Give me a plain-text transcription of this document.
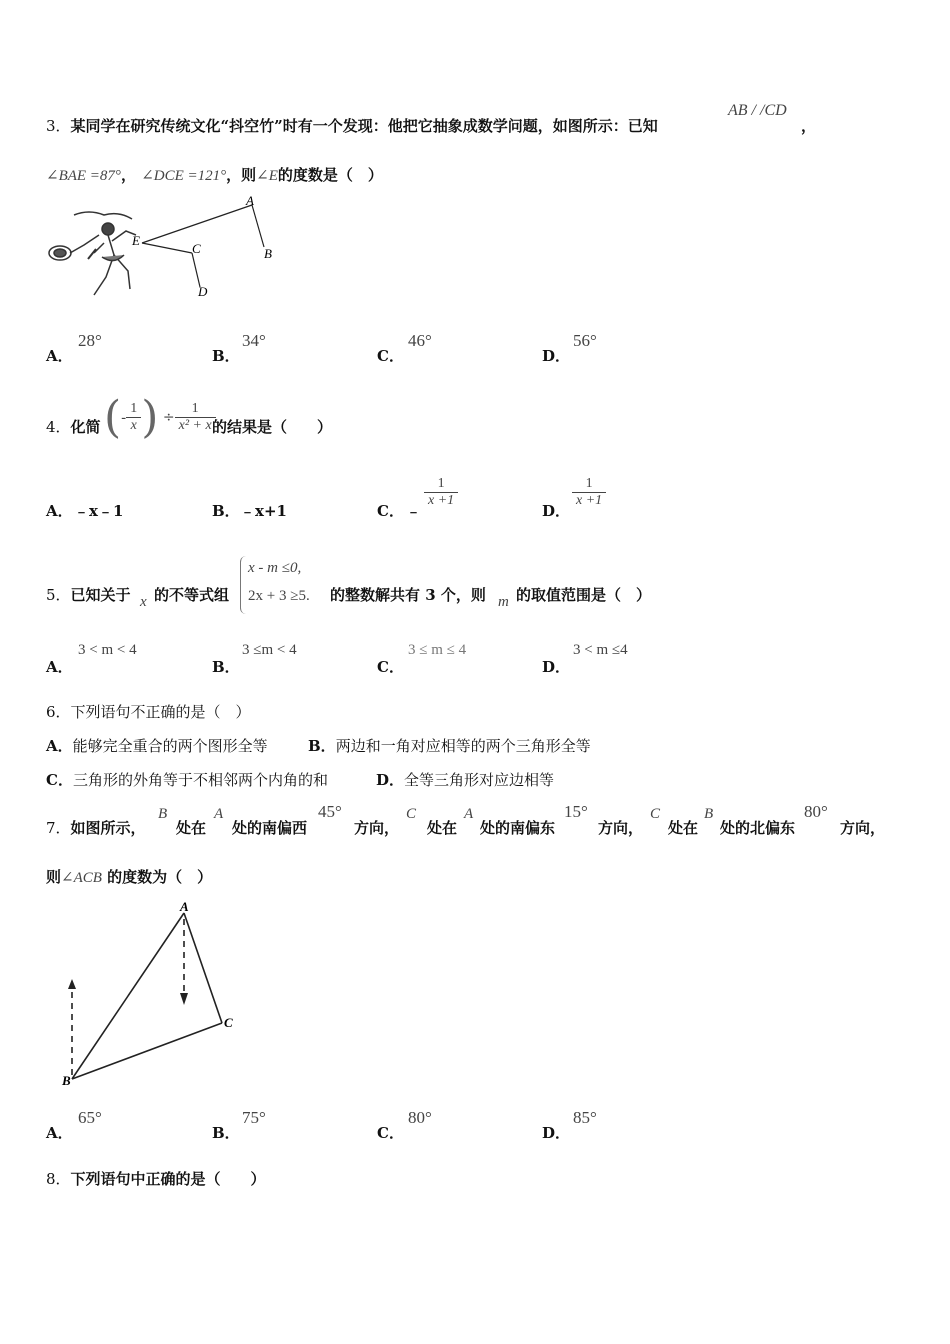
3．某同学在研究传统文化“抖空竹”时有一个发现：他把它抽象成数学问题，如图所示：已知
AB / /CD
，
∠BAE =87°， ∠DCE =121°，则∠E的度数是（　）
A
B
C
D
E
A．
28°
B．
34°
C．
46°
D．
56°
4．化简 (- $\frac{1}{x}$ ) ÷ $\frac{1}{\text{x² + x}}$
的结果是（　　）
A． ﹣x﹣1	B． ﹣x+1	C． ﹣
$\frac{1}{x +1}$
D．
$\frac{1}{x +1}$
5．已知关于 x 的不等式组
x - m ≤0,
2x + 3 ≥5. 的整数解共有 3 个，则 m 的取值范围是（　）
A．
3 < m < 4
B．
3 ≤m < 4
C．
3 ≤ m ≤ 4
D．
3 < m ≤4
6．下列语句不正确的是（　）
A．能够完全重合的两个图形全等	B．两边和一角对应相等的两个三角形全等
C．三角形的外角等于不相邻两个内角的和	D．全等三角形对应边相等
7．如图所示，
B
处在
A
处的南偏西
45°
方向，
C
处在
A
处的南偏东
15°
方向，
C
处在
B
处的北偏东
80°
方向，
则∠ACB 的度数为（　）
A
B
C
A．
65°
B．
75°
C．
80°
D．
85°
8．下列语句中正确的是（　　）
